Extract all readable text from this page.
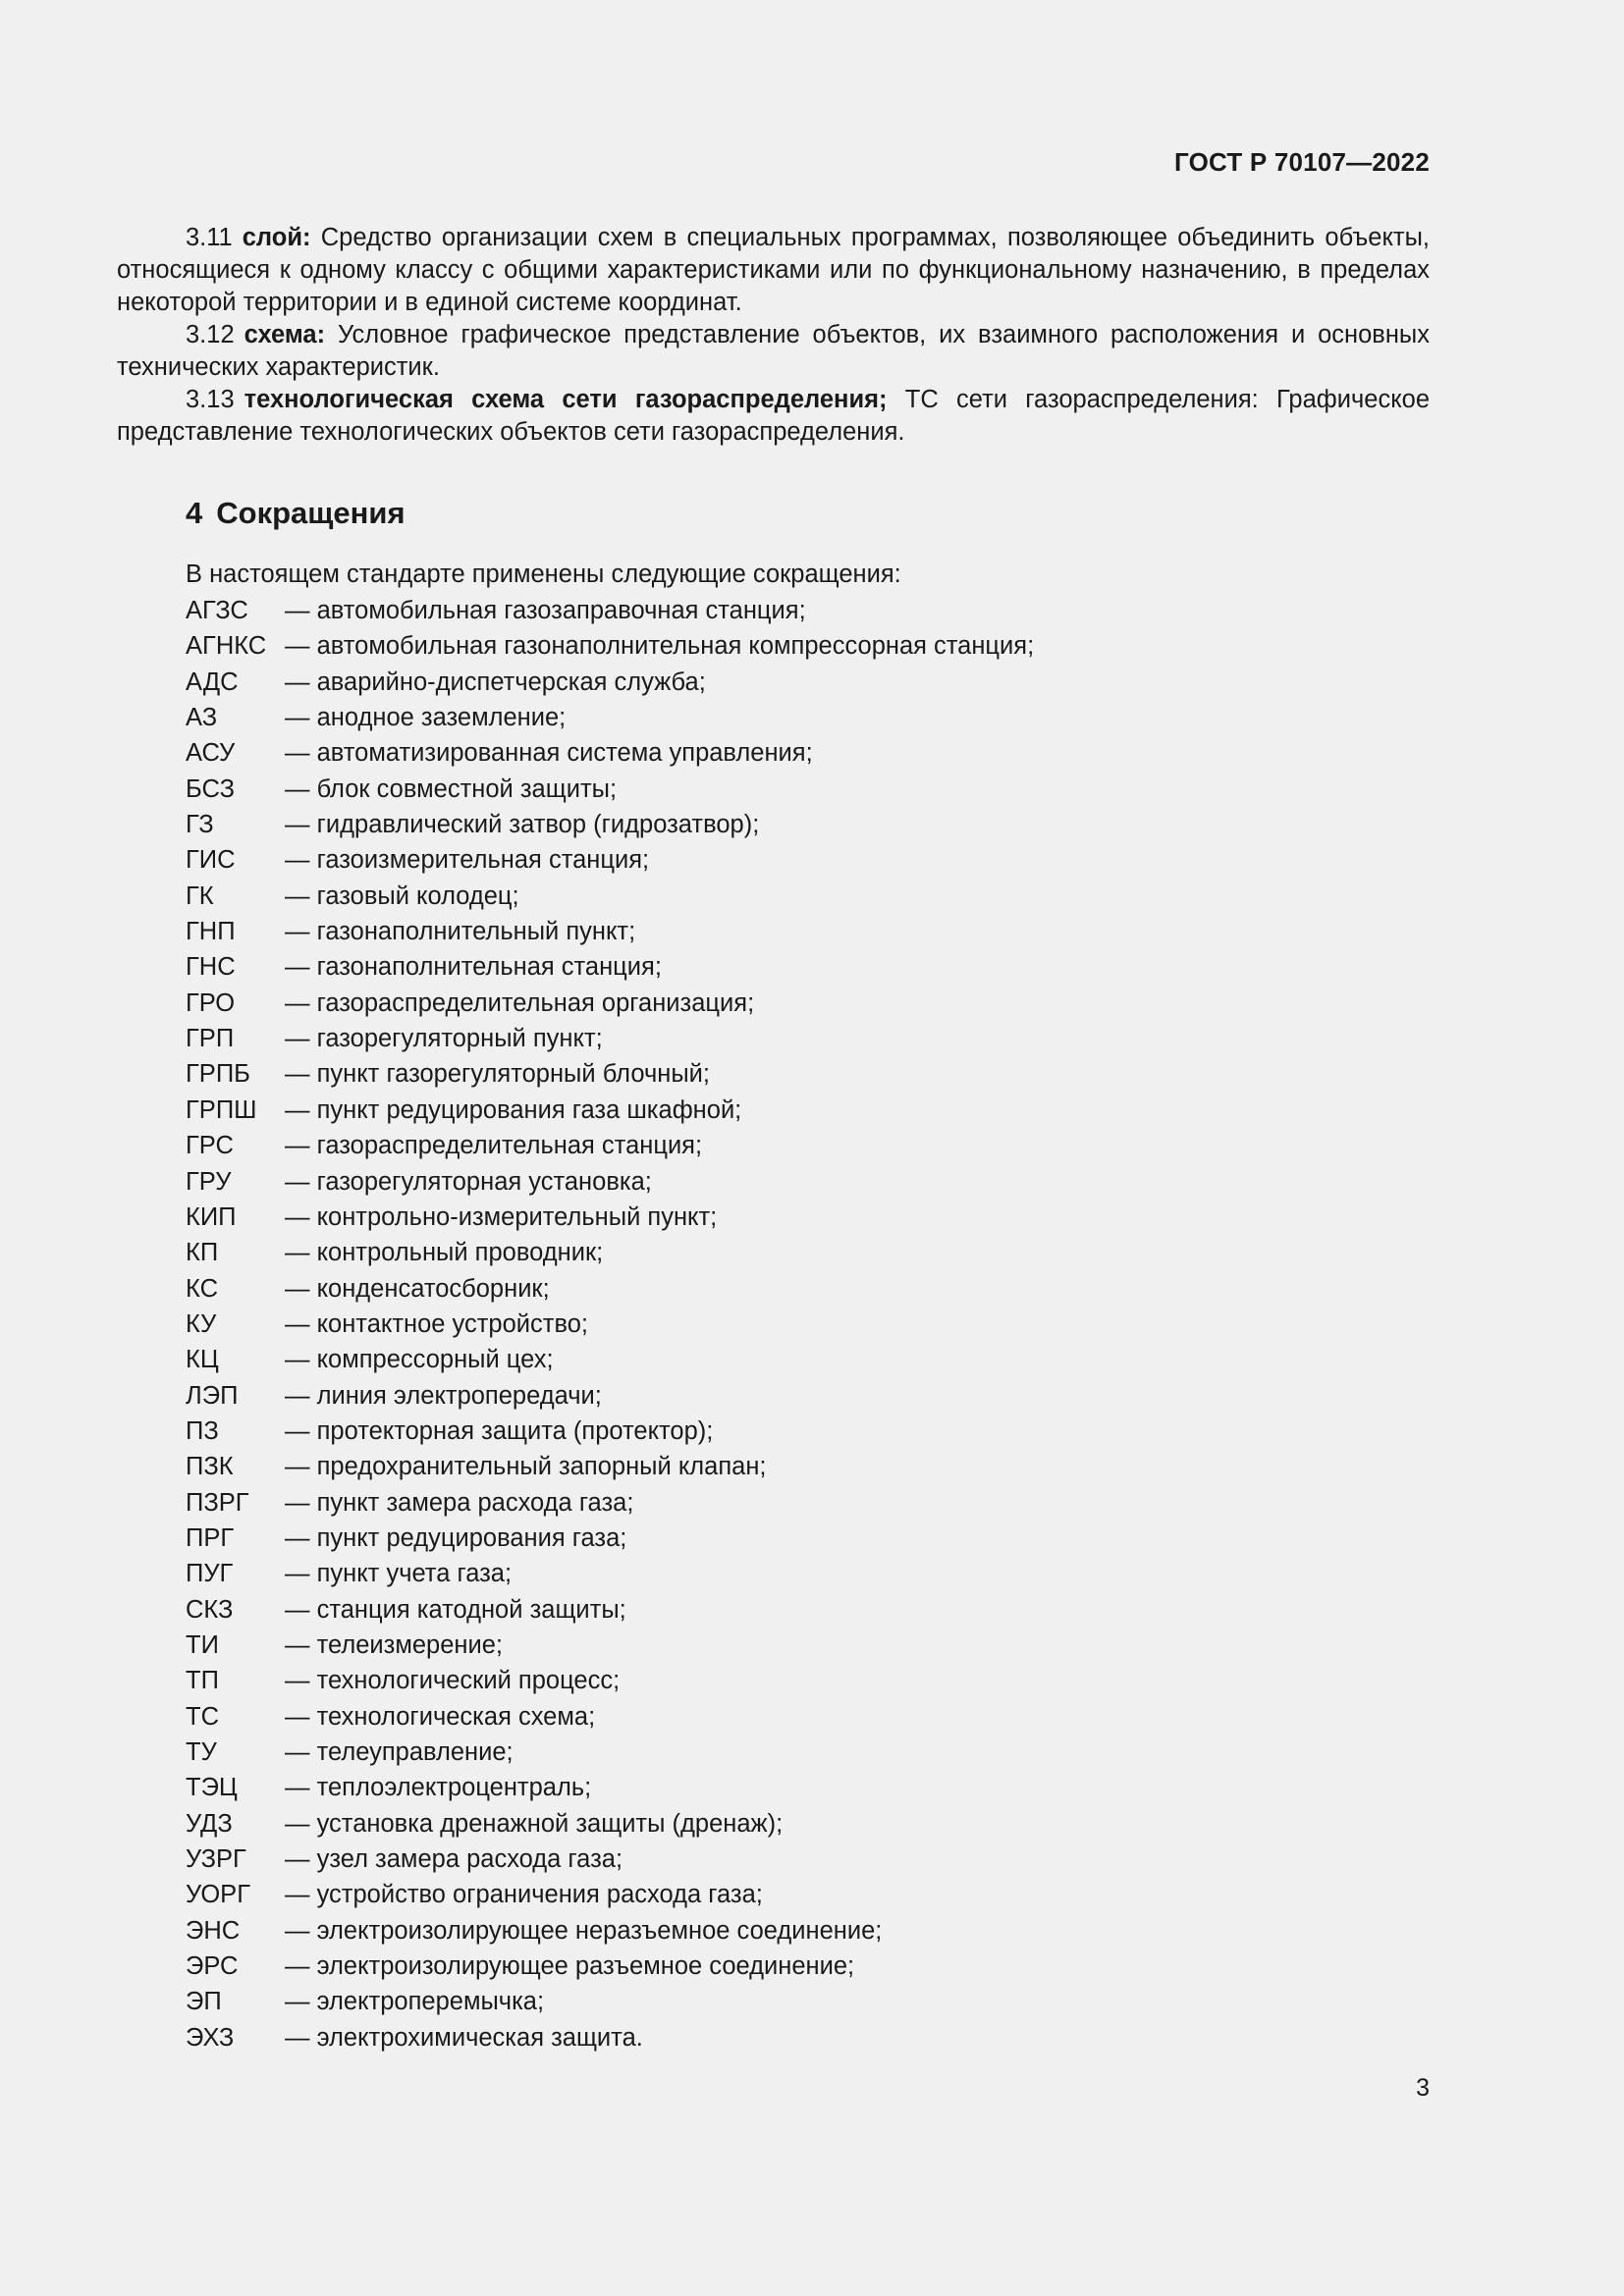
ГОСТ Р 70107—2022

3.11 слой: Средство организации схем в специальных программах, позволяющее объединить объекты, относящиеся к одному классу с общими характеристиками или по функциональному назначению, в пределах некоторой территории и в единой системе координат.

3.12 схема: Условное графическое представление объектов, их взаимного расположения и основных технических характеристик.

3.13 технологическая схема сети газораспределения; ТС сети газораспределения: Графическое представление технологических объектов сети газораспределения.

4 Сокращения

В настоящем стандарте применены следующие сокращения:

АГЗС	— автомобильная газозаправочная станция;
АГНКС	— автомобильная газонаполнительная компрессорная станция;
АДС	— аварийно-диспетчерская служба;
АЗ	— анодное заземление;
АСУ	— автоматизированная система управления;
БСЗ	— блок совместной защиты;
ГЗ	— гидравлический затвор (гидрозатвор);
ГИС	— газоизмерительная станция;
ГК	— газовый колодец;
ГНП	— газонаполнительный пункт;
ГНС	— газонаполнительная станция;
ГРО	— газораспределительная организация;
ГРП	— газорегуляторный пункт;
ГРПБ	— пункт газорегуляторный блочный;
ГРПШ	— пункт редуцирования газа шкафной;
ГРС	— газораспределительная станция;
ГРУ	— газорегуляторная установка;
КИП	— контрольно-измерительный пункт;
КП	— контрольный проводник;
КС	— конденсатосборник;
КУ	— контактное устройство;
КЦ	— компрессорный цех;
ЛЭП	— линия электропередачи;
ПЗ	— протекторная защита (протектор);
ПЗК	— предохранительный запорный клапан;
ПЗРГ	— пункт замера расхода газа;
ПРГ	— пункт редуцирования газа;
ПУГ	— пункт учета газа;
СКЗ	— станция катодной защиты;
ТИ	— телеизмерение;
ТП	— технологический процесс;
ТС	— технологическая схема;
ТУ	— телеуправление;
ТЭЦ	— теплоэлектроцентраль;
УДЗ	— установка дренажной защиты (дренаж);
УЗРГ	— узел замера расхода газа;
УОРГ	— устройство ограничения расхода газа;
ЭНС	— электроизолирующее неразъемное соединение;
ЭРС	— электроизолирующее разъемное соединение;
ЭП	— электроперемычка;
ЭХЗ	— электрохимическая защита.
3
